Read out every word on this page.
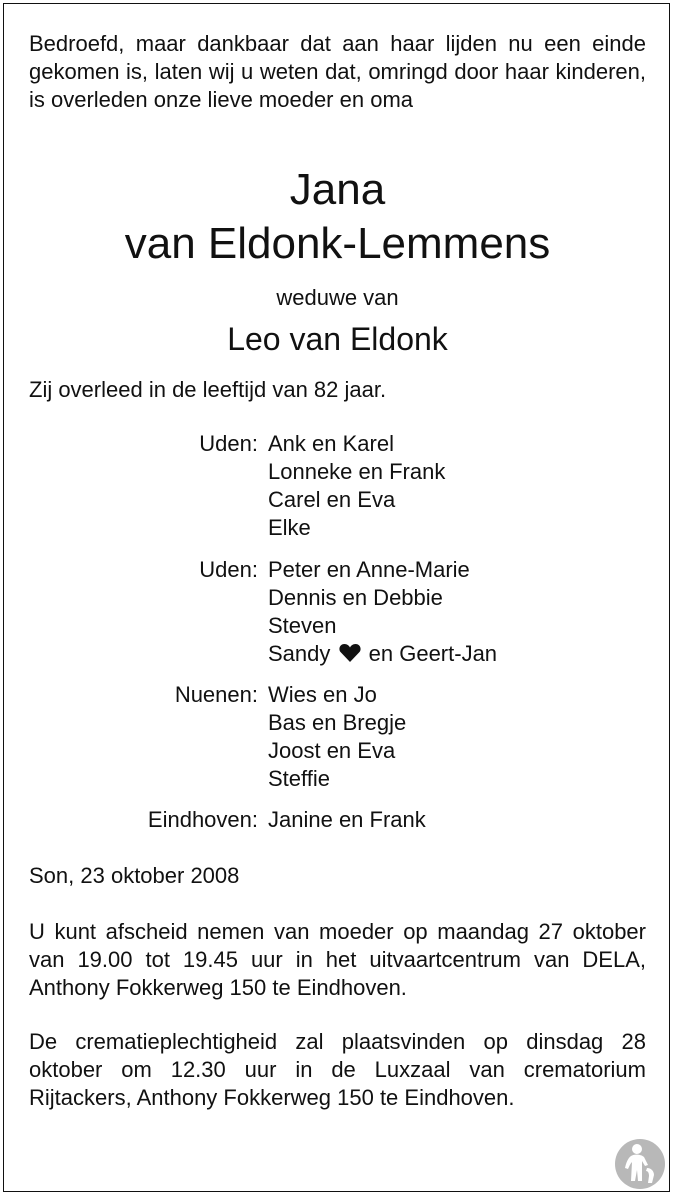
Bedroefd, maar dankbaar dat aan haar lijden nu een einde gekomen is, laten wij u weten dat, omringd door haar kinderen, is overleden onze lieve moeder en oma
Jana
van Eldonk-Lemmens
weduwe van
Leo van Eldonk
Zij overleed in de leeftijd van 82 jaar.
Uden: Ank en Karel
Lonneke en Frank
Carel en Eva
Elke
Uden: Peter en Anne-Marie
Dennis en Debbie
Steven
Sandy en Geert-Jan
Nuenen: Wies en Jo
Bas en Bregje
Joost en Eva
Steffie
Eindhoven: Janine en Frank
Son, 23 oktober 2008
U kunt afscheid nemen van moeder op maandag 27 oktober van 19.00 tot 19.45 uur in het uitvaartcentrum van DELA, Anthony Fokkerweg 150 te Eindhoven.
De crematieplechtigheid zal plaatsvinden op dinsdag 28 oktober om 12.30 uur in de Luxzaal van crematorium Rijtackers, Anthony Fokkerweg 150 te Eindhoven.
